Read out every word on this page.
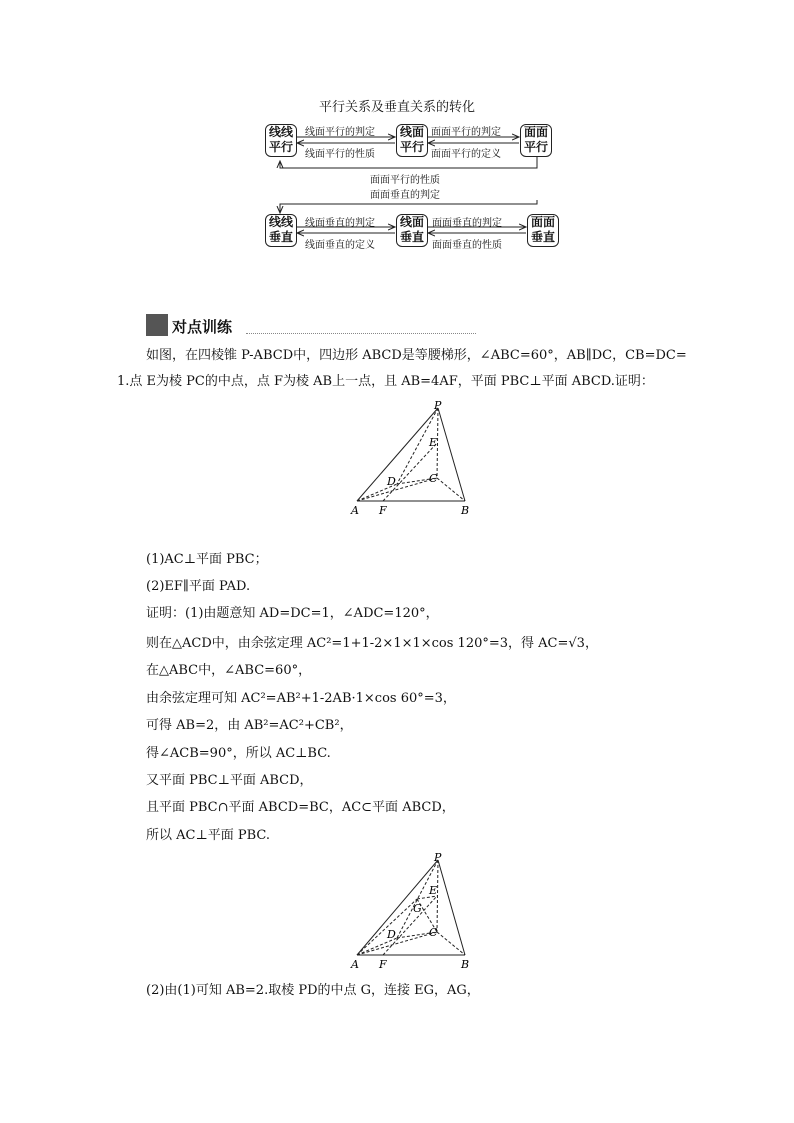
平行关系及垂直关系的转化
线线平行
线面平行
面面平行
线面平行的判定
线面平行的性质
面面平行的判定
面面平行的定义
面面平行的性质
面面垂直的判定
线线垂直
线面垂直
面面垂直
线面垂直的判定
线面垂直的定义
面面垂直的判定
面面垂直的性质
对点训练
如图，在四棱锥 P-ABCD中，四边形 ABCD是等腰梯形，∠ABC=60°，AB∥DC，CB=DC=
1.点 E为棱 PC的中点，点 F为棱 AB上一点，且 AB=4AF，平面 PBC⊥平面 ABCD.证明：
P
E
D	C
A F	B
(1)AC⊥平面 PBC；
(2)EF∥平面 PAD.
证明：(1)由题意知 AD=DC=1，∠ADC=120°，
则在△ACD中，由余弦定理 AC²=1+1-2×1×1×cos 120°=3，得 AC=√3，
在△ABC中，∠ABC=60°，
由余弦定理可知 AC²=AB²+1-2AB·1×cos 60°=3，
可得 AB=2，由 AB²=AC²+CB²，
得∠ACB=90°，所以 AC⊥BC.
又平面 PBC⊥平面 ABCD，
且平面 PBC∩平面 ABCD=BC，AC⊂平面 ABCD，
所以 AC⊥平面 PBC.
P
E
G
D	C
A F	B
(2)由(1)可知 AB=2.取棱 PD的中点 G，连接 EG，AG，
